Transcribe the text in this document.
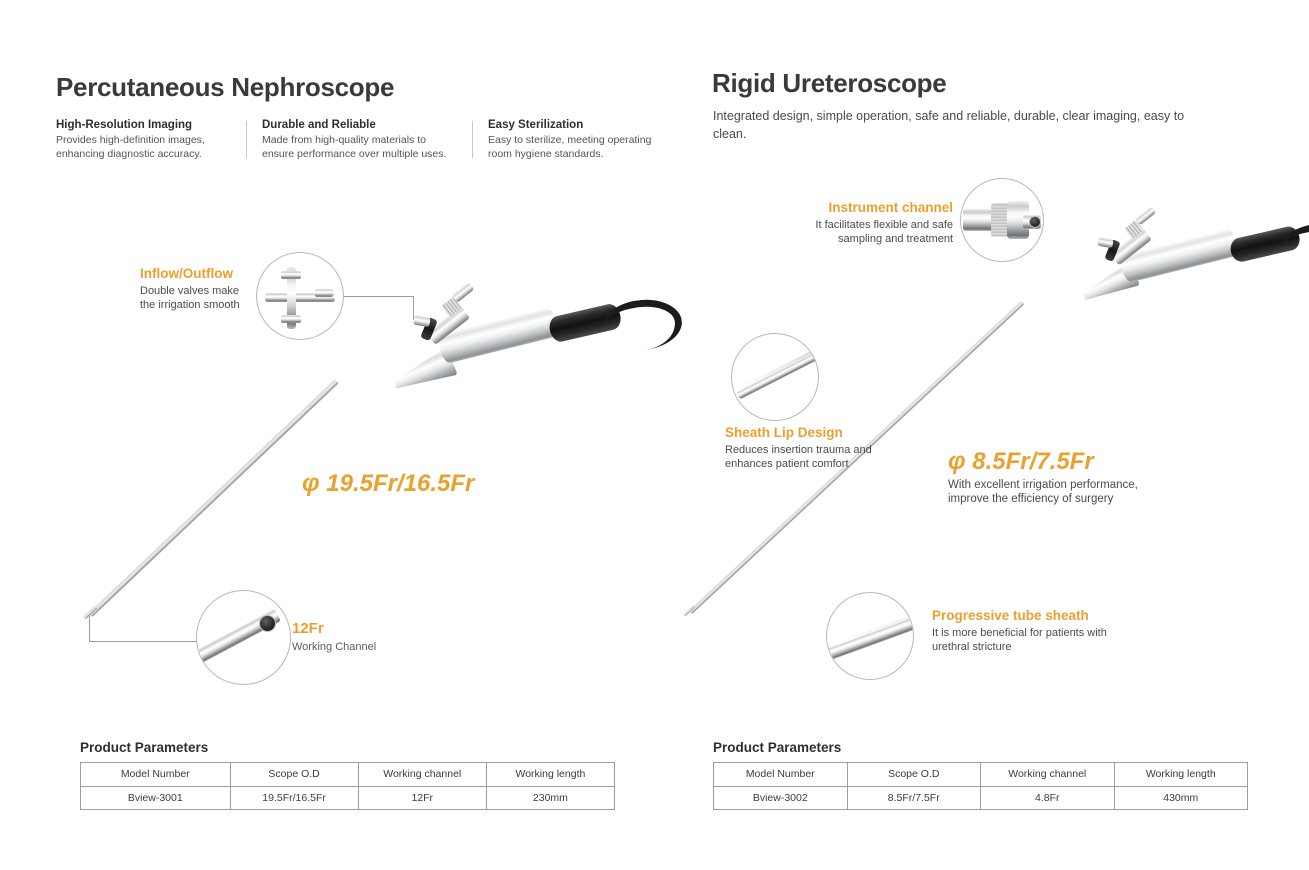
Percutaneous Nephroscope
High-Resolution Imaging
Provides high-definition images, enhancing diagnostic accuracy.
Durable and Reliable
Made from high-quality materials to ensure performance over multiple uses.
Easy Sterilization
Easy to sterilize, meeting operating room hygiene standards.
Inflow/Outflow
Double valves make the irrigation smooth
φ 19.5Fr/16.5Fr
12Fr
Working Channel
Product Parameters
Model Number	Scope O.D	Working channel	Working length
Bview-3001	19.5Fr/16.5Fr	12Fr	230mm
Rigid Ureteroscope
Integrated design, simple operation, safe and reliable, durable, clear imaging, easy to clean.
Instrument channel
It facilitates flexible and safe sampling and treatment
Sheath Lip Design
Reduces insertion trauma and enhances patient comfort	φ 8.5Fr/7.5Fr
With excellent irrigation performance, improve the efficiency of surgery
Progressive tube sheath
It is more beneficial for patients with urethral stricture
Product Parameters
Model Number	Scope O.D	Working channel	Working length
Bview-3002	8.5Fr/7.5Fr	4.8Fr	430mm
